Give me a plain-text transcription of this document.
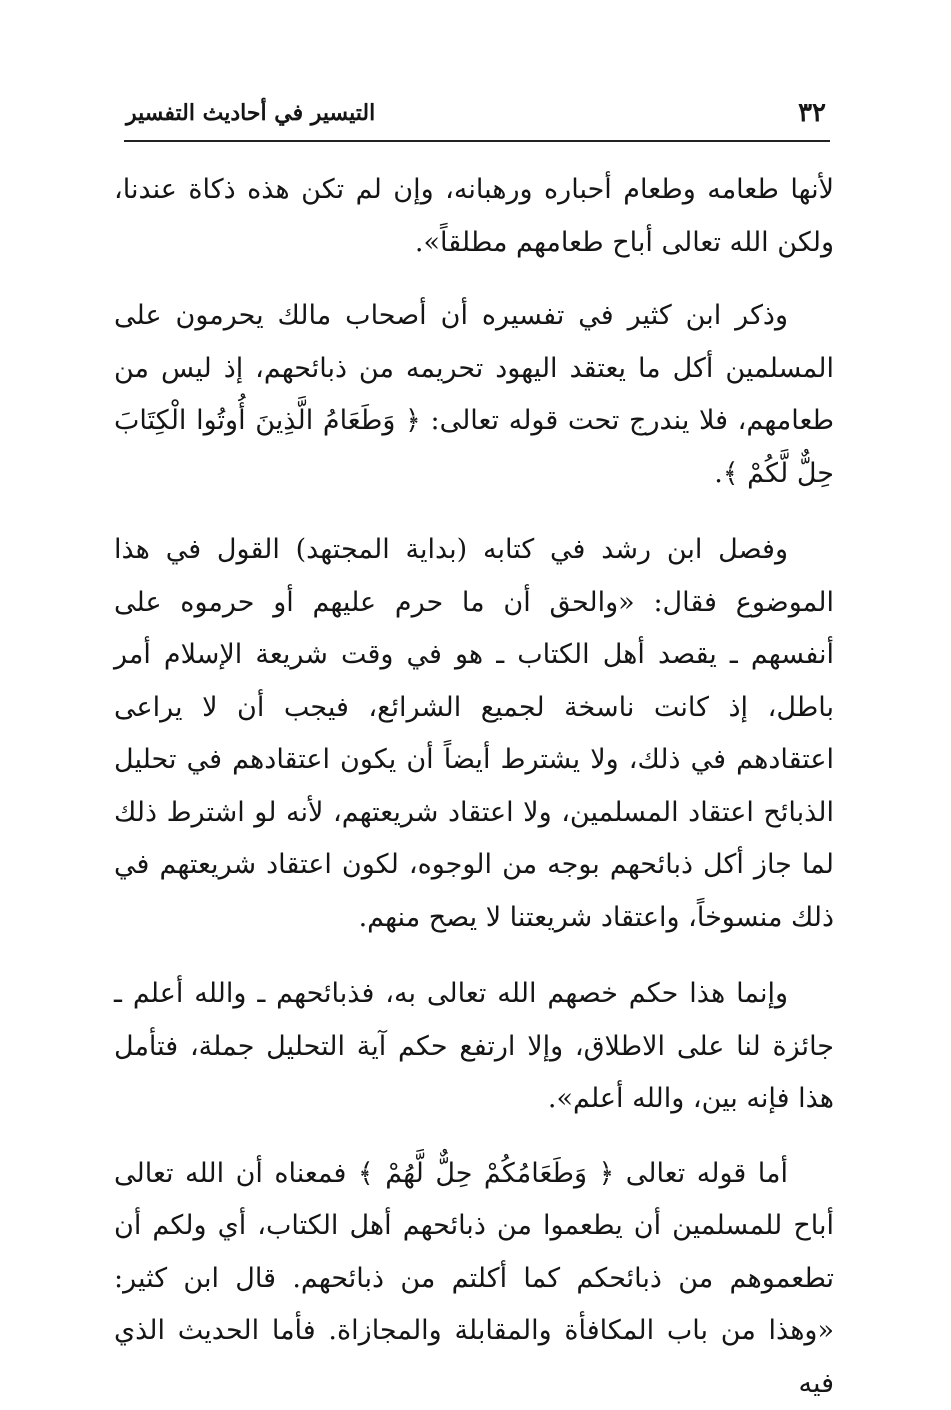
٣٢
التيسير في أحاديث التفسير

لأنها طعامه وطعام أحباره ورهبانه، وإن لم تكن هذه ذكاة عندنا، ولكن الله تعالى أباح طعامهم مطلقاً».

وذكر ابن كثير في تفسيره أن أصحاب مالك يحرمون على المسلمين أكل ما يعتقد اليهود تحريمه من ذبائحهم، إذ ليس من طعامهم، فلا يندرج تحت قوله تعالى: ﴿ وَطَعَامُ الَّذِينَ أُوتُوا الْكِتَابَ حِلٌّ لَّكُمْ ﴾.

وفصل ابن رشد في كتابه (بداية المجتهد) القول في هذا الموضوع فقال: «والحق أن ما حرم عليهم أو حرموه على أنفسهم ـ يقصد أهل الكتاب ـ هو في وقت شريعة الإسلام أمر باطل، إذ كانت ناسخة لجميع الشرائع، فيجب أن لا يراعى اعتقادهم في ذلك، ولا يشترط أيضاً أن يكون اعتقادهم في تحليل الذبائح اعتقاد المسلمين، ولا اعتقاد شريعتهم، لأنه لو اشترط ذلك لما جاز أكل ذبائحهم بوجه من الوجوه، لكون اعتقاد شريعتهم في ذلك منسوخاً، واعتقاد شريعتنا لا يصح منهم.

وإنما هذا حكم خصهم الله تعالى به، فذبائحهم ـ والله أعلم ـ جائزة لنا على الاطلاق، وإلا ارتفع حكم آية التحليل جملة، فتأمل هذا فإنه بين، والله أعلم».

أما قوله تعالى ﴿ وَطَعَامُكُمْ حِلٌّ لَّهُمْ ﴾ فمعناه أن الله تعالى أباح للمسلمين أن يطعموا من ذبائحهم أهل الكتاب، أي ولكم أن تطعموهم من ذبائحكم كما أكلتم من ذبائحهم. قال ابن كثير: «وهذا من باب المكافأة والمقابلة والمجازاة. فأما الحديث الذي فيه
